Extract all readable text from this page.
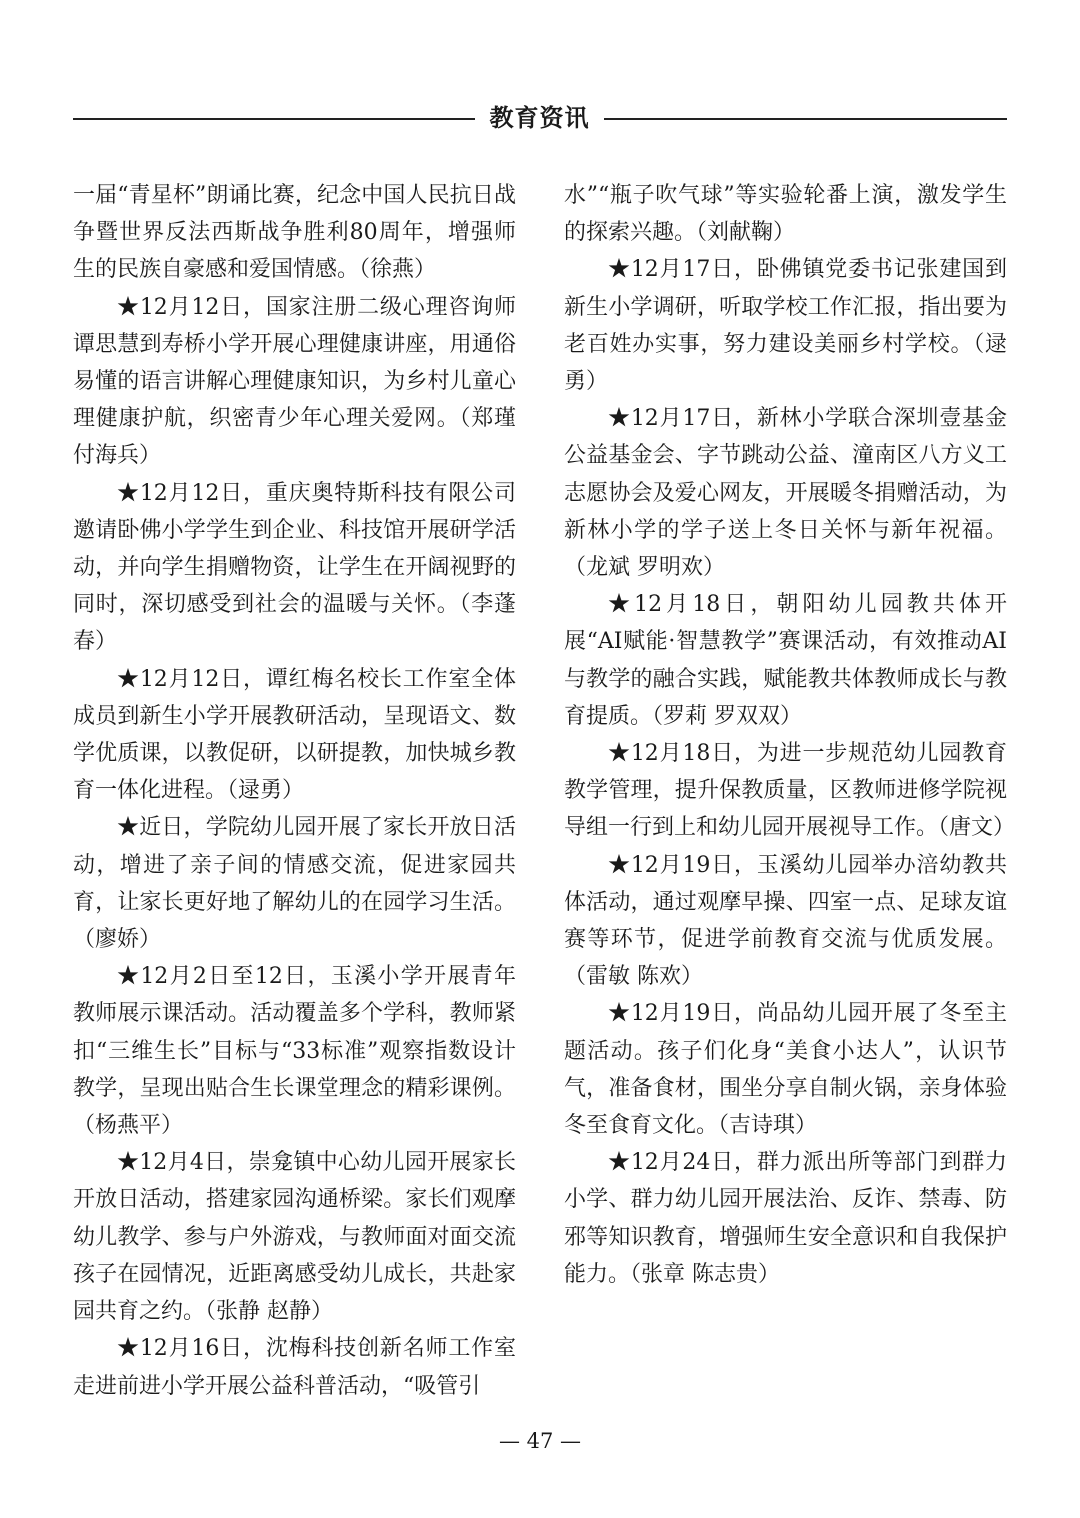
教育资讯

一届“青星杯”朗诵比赛，纪念中国人民抗日战争暨世界反法西斯战争胜利80周年，增强师生的民族自豪感和爱国情感。（徐燕）

★12月12日，国家注册二级心理咨询师谭思慧到寿桥小学开展心理健康讲座，用通俗易懂的语言讲解心理健康知识，为乡村儿童心理健康护航，织密青少年心理关爱网。（郑瑾 付海兵）

★12月12日，重庆奥特斯科技有限公司邀请卧佛小学学生到企业、科技馆开展研学活动，并向学生捐赠物资，让学生在开阔视野的同时，深切感受到社会的温暖与关怀。（李蓬春）

★12月12日，谭红梅名校长工作室全体成员到新生小学开展教研活动，呈现语文、数学优质课，以教促研，以研提教，加快城乡教育一体化进程。（逯勇）

★近日，学院幼儿园开展了家长开放日活动，增进了亲子间的情感交流，促进家园共育，让家长更好地了解幼儿的在园学习生活。（廖娇）

★12月2日至12日，玉溪小学开展青年教师展示课活动。活动覆盖多个学科，教师紧扣“三维生长”目标与“33标准”观察指数设计教学，呈现出贴合生长课堂理念的精彩课例。（杨燕平）

★12月4日，崇龛镇中心幼儿园开展家长开放日活动，搭建家园沟通桥梁。家长们观摩幼儿教学、参与户外游戏，与教师面对面交流孩子在园情况，近距离感受幼儿成长，共赴家园共育之约。（张静 赵静）

★12月16日，沈梅科技创新名师工作室走进前进小学开展公益科普活动，“吸管引

水”“瓶子吹气球”等实验轮番上演，激发学生的探索兴趣。（刘献鞠）

★12月17日，卧佛镇党委书记张建国到新生小学调研，听取学校工作汇报，指出要为老百姓办实事，努力建设美丽乡村学校。（逯勇）

★12月17日，新林小学联合深圳壹基金公益基金会、字节跳动公益、潼南区八方义工志愿协会及爱心网友，开展暖冬捐赠活动，为新林小学的学子送上冬日关怀与新年祝福。（龙斌 罗明欢）

★12月18日，朝阳幼儿园教共体开展“AI赋能·智慧教学”赛课活动，有效推动AI与教学的融合实践，赋能教共体教师成长与教育提质。（罗莉 罗双双）

★12月18日，为进一步规范幼儿园教育教学管理，提升保教质量，区教师进修学院视导组一行到上和幼儿园开展视导工作。（唐文）

★12月19日，玉溪幼儿园举办涪幼教共体活动，通过观摩早操、四室一点、足球友谊赛等环节，促进学前教育交流与优质发展。（雷敏 陈欢）

★12月19日，尚品幼儿园开展了冬至主题活动。孩子们化身“美食小达人”，认识节气，准备食材，围坐分享自制火锅，亲身体验冬至食育文化。（吉诗琪）

★12月24日，群力派出所等部门到群力小学、群力幼儿园开展法治、反诈、禁毒、防邪等知识教育，增强师生安全意识和自我保护能力。（张章 陈志贵）

— 47 —
